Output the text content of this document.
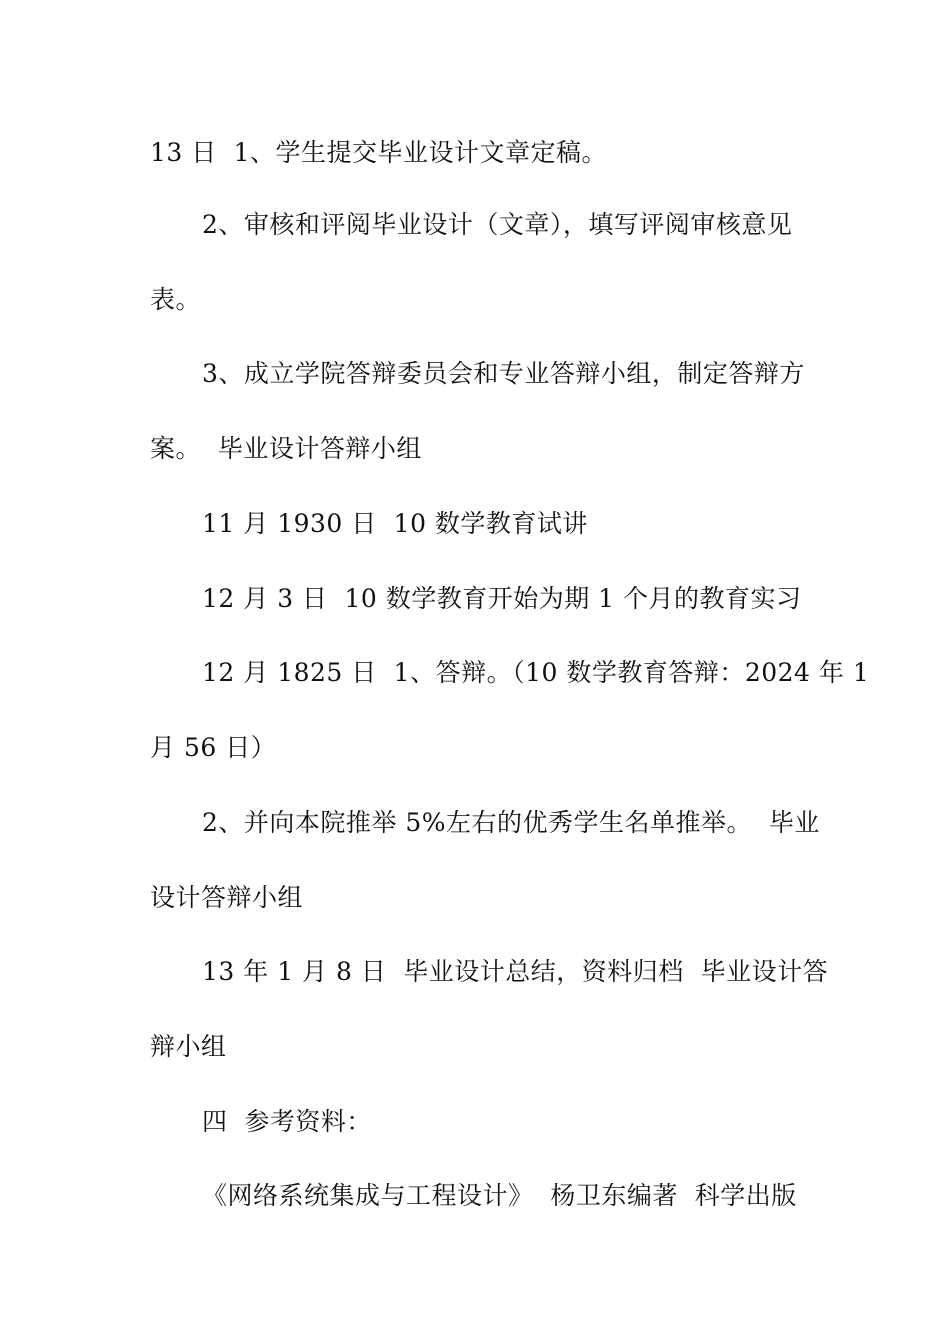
13 日  1、学生提交毕业设计文章定稿。
2、审核和评阅毕业设计（文章），填写评阅审核意见
表。
3、成立学院答辩委员会和专业答辩小组，制定答辩方
案。  毕业设计答辩小组
11 月 1930 日  10 数学教育试讲
12 月 3 日  10 数学教育开始为期 1 个月的教育实习
12 月 1825 日  1、答辩。（10 数学教育答辩：2024 年 1
月 56 日）
2、并向本院推举 5%左右的优秀学生名单推举。  毕业
设计答辩小组
13 年 1 月 8 日  毕业设计总结，资料归档  毕业设计答
辩小组
四  参考资料：
《网络系统集成与工程设计》  杨卫东编著  科学出版
